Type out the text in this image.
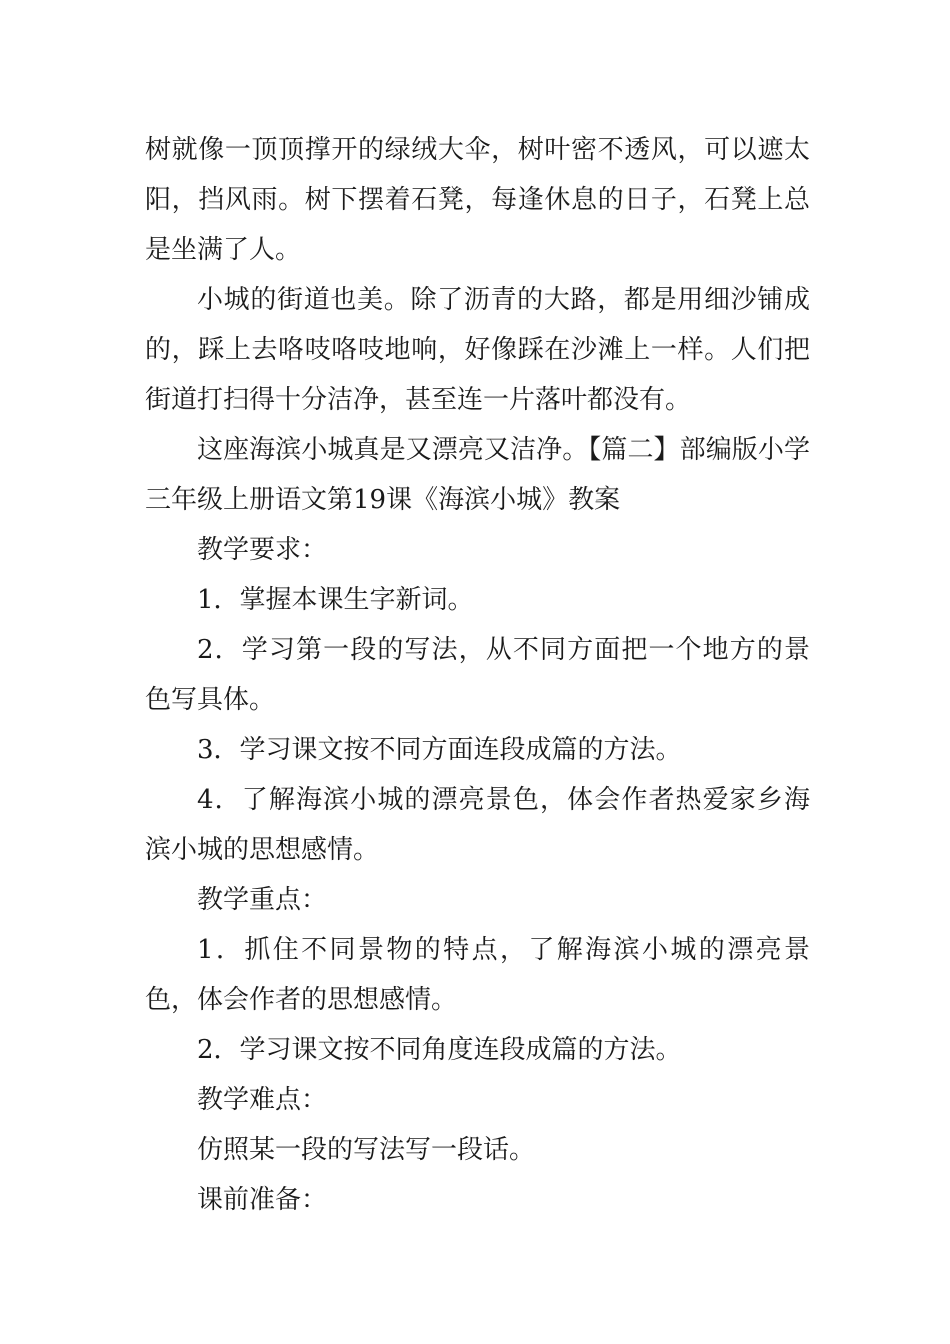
树就像一顶顶撑开的绿绒大伞，树叶密不透风，可以遮太阳，挡风雨。树下摆着石凳，每逢休息的日子，石凳上总是坐满了人。

小城的街道也美。除了沥青的大路，都是用细沙铺成的，踩上去咯吱咯吱地响，好像踩在沙滩上一样。人们把街道打扫得十分洁净，甚至连一片落叶都没有。

这座海滨小城真是又漂亮又洁净。【篇二】部编版小学三年级上册语文第19课《海滨小城》教案

教学要求：

1．掌握本课生字新词。

2．学习第一段的写法，从不同方面把一个地方的景色写具体。

3．学习课文按不同方面连段成篇的方法。

4．了解海滨小城的漂亮景色，体会作者热爱家乡海滨小城的思想感情。

教学重点：

1．抓住不同景物的特点，了解海滨小城的漂亮景色，体会作者的思想感情。

2．学习课文按不同角度连段成篇的方法。

教学难点：

仿照某一段的写法写一段话。

课前准备：
